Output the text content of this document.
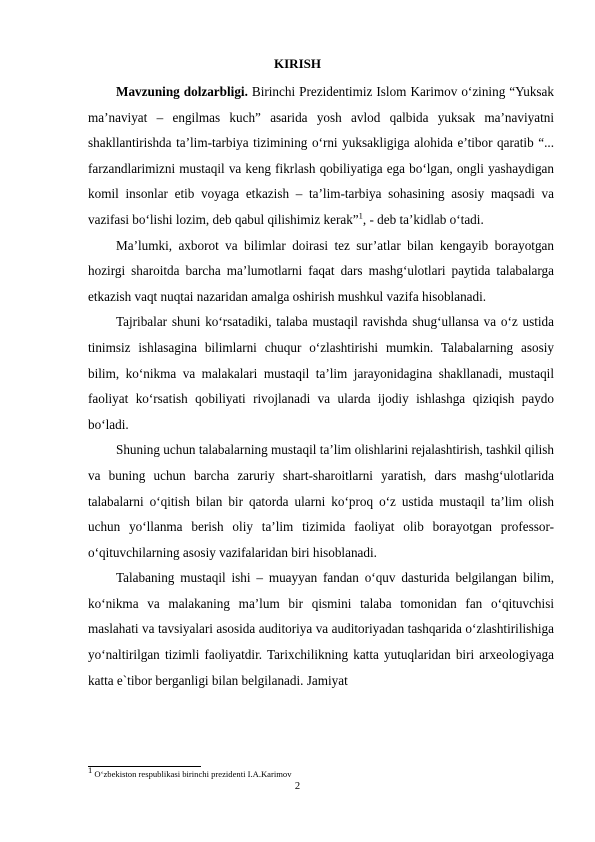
KIRISH

Mavzuning dolzarbligi. Birinchi Prezidentimiz Islom Karimov o‘zining “Yuksak ma’naviyat – engilmas kuch” asarida yosh avlod qalbida yuksak ma’naviyatni shakllantirishda ta’lim-tarbiya tizimining o‘rni yuksakligiga alohida e’tibor qaratib “... farzandlarimizni mustaqil va keng fikrlash qobiliyatiga ega bo‘lgan, ongli yashaydigan komil insonlar etib voyaga etkazish – ta’lim-tarbiya sohasining asosiy maqsadi va vazifasi bo‘lishi lozim, deb qabul qilishimiz kerak”$^1$, - deb ta’kidlab o‘tadi.

Ma’lumki, axborot va bilimlar doirasi tez sur’atlar bilan kengayib borayotgan hozirgi sharoitda barcha ma’lumotlarni faqat dars mashg‘ulotlari paytida talabalarga etkazish vaqt nuqtai nazaridan amalga oshirish mushkul vazifa hisoblanadi.

Tajribalar shuni ko‘rsatadiki, talaba mustaqil ravishda shug‘ullansa va o‘z ustida tinimsiz ishlasagina bilimlarni chuqur o‘zlashtirishi mumkin. Talabalarning asosiy bilim, ko‘nikma va malakalari mustaqil ta’lim jarayonidagina shakllanadi, mustaqil faoliyat ko‘rsatish qobiliyati rivojlanadi va ularda ijodiy ishlashga qiziqish paydo bo‘ladi.

Shuning uchun talabalarning mustaqil ta’lim olishlarini rejalashtirish, tashkil qilish va buning uchun barcha zaruriy shart-sharoitlarni yaratish, dars mashg‘ulotlarida talabalarni o‘qitish bilan bir qatorda ularni ko‘proq o‘z ustida mustaqil ta’lim olish uchun yo‘llanma berish oliy ta’lim tizimida faoliyat olib borayotgan professor-o‘qituvchilarning asosiy vazifalaridan biri hisoblanadi.

Talabaning mustaqil ishi – muayyan fandan o‘quv dasturida belgilangan bilim, ko‘nikma va malakaning ma’lum bir qismini talaba tomonidan fan o‘qituvchisi maslahati va tavsiyalari asosida auditoriya va auditoriyadan tashqarida o‘zlashtirilishiga yo‘naltirilgan tizimli faoliyatdir. Tarixchilikning katta yutuqlaridan biri arxeologiyaga katta e`tibor berganligi bilan belgilanadi. Jamiyat

$^1$ O‘zbekiston respublikasi birinchi prezidenti I.A.Karimov
2
